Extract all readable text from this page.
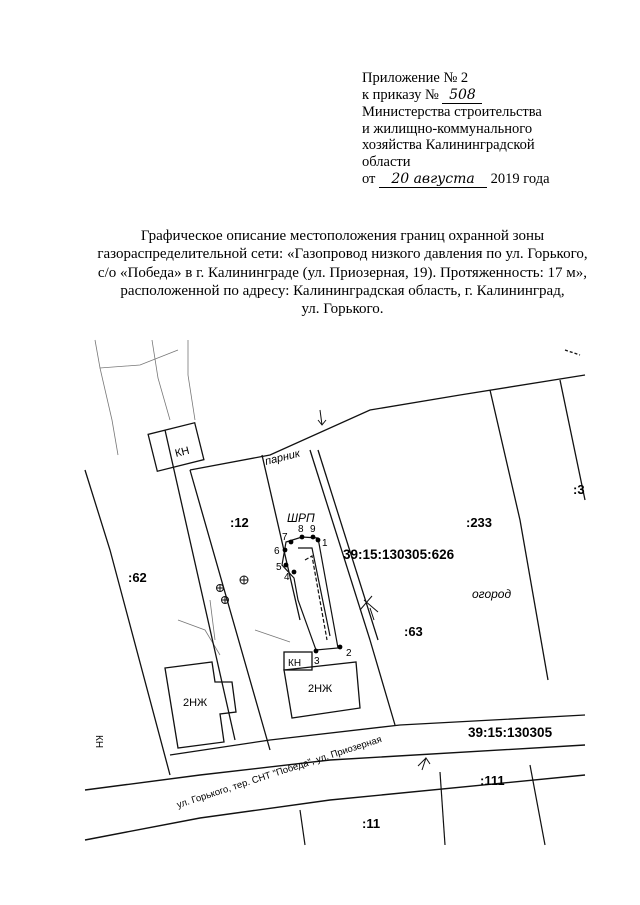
Приложение № 2
к приказу № 508
Министерства строительства
и жилищно-коммунального
хозяйства Калининградской
области
от 20 августа 2019 года
Графическое описание местоположения границ охранной зоны
газораспределительной сети: «Газопровод низкого давления по ул. Горького,
с/о «Победа» в г. Калининграде (ул. Приозерная, 19). Протяженность: 17 м»,
расположенной по адресу: Калининградская область, г. Калининград,
ул. Горького.
1
2
3
4
5
6
7
8 9
:62
:12	:233
:63
:111
:11
:3
39:15:130305:626
39:15:130305
ШРП
парник
огород
КН
КН
КН
2НЖ
2НЖ
ул. Горького, тер. СНТ "Победа", ул. Приозерная
